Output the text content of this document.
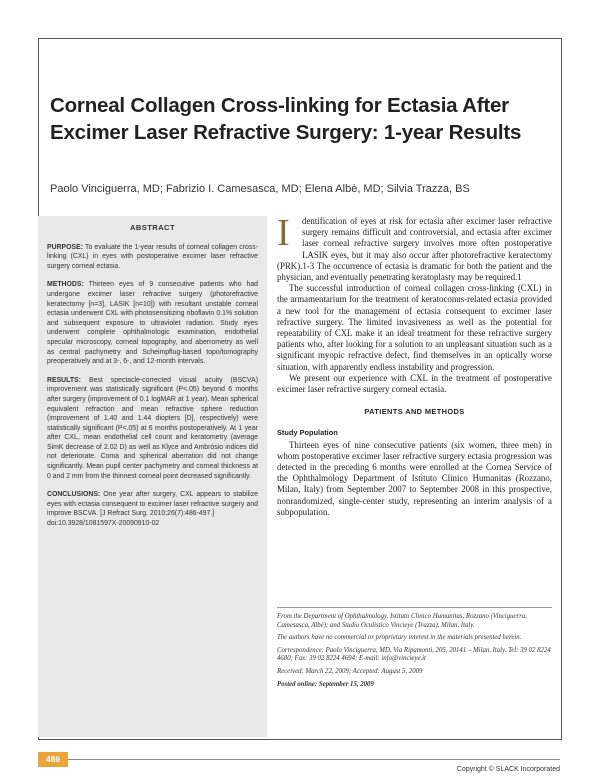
Corneal Collagen Cross-linking for Ectasia After Excimer Laser Refractive Surgery: 1-year Results

Paolo Vinciguerra, MD; Fabrizio I. Camesasca, MD; Elena Albè, MD; Silvia Trazza, BS

ABSTRACT

PURPOSE: To evaluate the 1-year results of corneal collagen cross-linking (CXL) in eyes with postoperative excimer laser refractive surgery corneal ectasia.

METHODS: Thirteen eyes of 9 consecutive patients who had undergone excimer laser refractive surgery (photorefractive keratectomy [n=3], LASIK [n=10]) with resultant unstable corneal ectasia underwent CXL with photosensitizing riboflavin 0.1% solution and subsequent exposure to ultraviolet radiation. Study eyes underwent complete ophthalmologic examination, endothelial specular microscopy, corneal topography, and aberrometry as well as central pachymetry and Scheimpflug-based topo/tomography preoperatively and at 3-, 6-, and 12-month intervals.

RESULTS: Best spectacle-corrected visual acuity (BSCVA) improvement was statistically significant (P<.05) beyond 6 months after surgery (improvement of 0.1 logMAR at 1 year). Mean spherical equivalent refraction and mean refractive sphere reduction (improvement of 1.40 and 1.44 diopters [D], respectively) were statistically significant (P<.05) at 6 months postoperatively. At 1 year after CXL, mean endothelial cell count and keratometry (average SimK decrease of 2.02 D) as well as Klyce and Ambrósio indices did not deteriorate. Coma and spherical aberration did not change significantly. Mean pupil center pachymetry and corneal thickness at 0 and 2 mm from the thinnest corneal point decreased significantly.

CONCLUSIONS: One year after surgery, CXL appears to stabilize eyes with ectasia consequent to excimer laser refractive surgery and improve BSCVA. [J Refract Surg. 2010;26(7):486-497.]

doi:10.3928/1081597X-20090910-02

I	dentification of eyes at risk for ectasia after excimer laser refractive surgery remains difficult and controversial, and ectasia after excimer laser corneal refractive surgery involves more often postoperative LASIK eyes, but it may also occur after photorefractive keratectomy (PRK).1-3 The occurrence of ectasia is dramatic for both the patient and the physician, and eventually penetrating keratoplasty may be required.1

The successful introduction of corneal collagen cross-linking (CXL) in the armamentarium for the treatment of keratoconus-related ectasia provided a new tool for the management of ectasia consequent to excimer laser refractive surgery. The limited invasiveness as well as the potential for repeatability of CXL make it an ideal treatment for these refractive surgery patients who, after looking for a solution to an unpleasant situation such as a significant myopic refractive defect, find themselves in an optically worse situation, with apparently endless instability and progression.

We present our experience with CXL in the treatment of postoperative excimer laser refractive surgery corneal ectasia.

PATIENTS AND METHODS
Study Population

Thirteen eyes of nine consecutive patients (six women, three men) in whom postoperative excimer laser refractive surgery ectasia progression was detected in the preceding 6 months were enrolled at the Cornea Service of the Ophthalmology Department of Istituto Clinico Humanitas (Rozzano, Milan, Italy) from September 2007 to September 2008 in this prospective, nonrandomized, single-center study, representing an interim analysis of a subpopulation.

From the Department of Ophthalmology, Istituto Clinico Humanitas, Rozzano (Vinciguerra, Camesasca, Albè); and Studio Oculistico Vincieye (Trazza), Milan, Italy.

The authors have no commercial or proprietary interest in the materials presented herein.

Correspondence: Paolo Vinciguerra, MD, Via Ripamonti, 205, 20141 – Milan, Italy. Tel: 39 02 8224 4680; Fax: 39 02 8224 4694; E-mail: info@vincieye.it

Received: March 22, 2009; Accepted: August 5, 2009

Posted online: September 15, 2009

486
Copyright © SLACK Incorporated
